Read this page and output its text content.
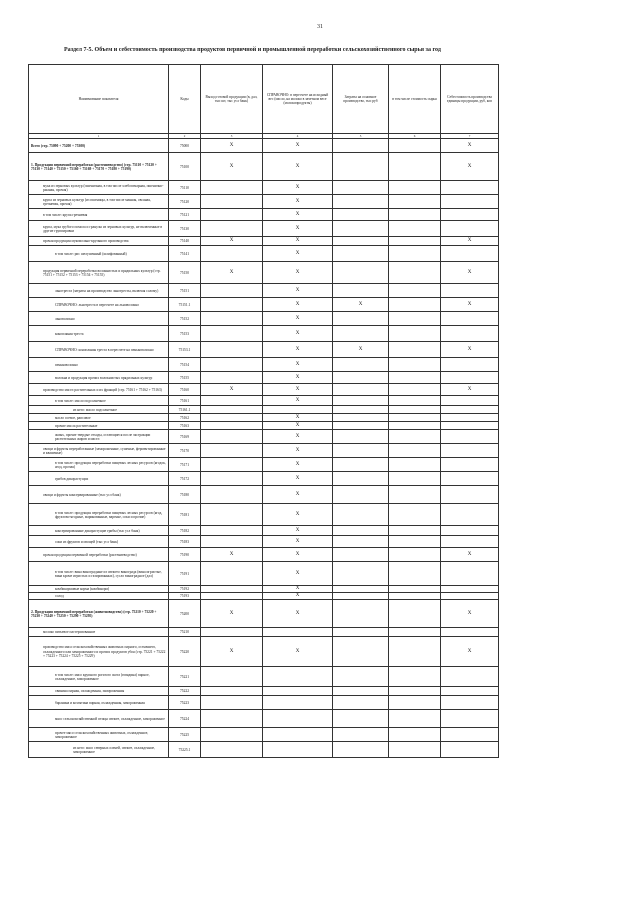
31
Раздел 7-5. Объем и себестоимость производства продуктов первичной и промышленной переработки сельскохозяйственного сырья за год
Наименование показателя	Коды	Выход готовой продукции (в, дал, тыс шт, тыс усл банк)	СПРАВОЧНО: в пересчете на исходный вес (масло, на молоко в зачетном весе (молокопродукты)	Затраты на основное производство, тыс руб	в том числе стоимость сырья	Себестоимость производства единицы продукции, руб, коп
1	2	3	4	5	6	7
Всего (стр. 75090 + 75200 + 75300)	75000	X	X			X
1. Продукция первичной переработки (растениеводство) (стр. 75110 + 75120 + 75130 + 75140 + 75150 + 75160 + 75169 + 75170 + 75180 + 75190)	75100	X	X			X
мука из зерновых культур (пшеничная, в том числе хлебопекарная, пшенично-ржаная, прочая)	75110		X			
крупа из зерновых культур (из пшеницы, в том числе манная, овсяная, гречневая, прочая)	75120		X			
в том числе: крупа гречневая	75121		X			
крупа, мука грубого помола и гранулы из зерновых культур, не включенные в другие группировки	75130		X			
прочая продукция мукомольно-крупяного производства	75140	X	X			X
в том числе: рис шелушенный (шлифованный)	75141		X			
продукция первичной переработки волокнистых и прядильных культур (стр. 75151 + 75152 + 75153 + 75154 + 75155)	75150	X	X			X
льнотреста (затраты на производство льнотресты, включая солому)	75151		X			
СПРАВОЧНО: льнотреста в пересчете на льноволокно	75151.1		X	X		X
льноволокно	75152		X			
конопляная треста	75153		X			
СПРАВОЧНО: конопляная треста в пересчете на пеньковолокно	75153.1		X	X		X
пеньковолокно	75154		X			
волокна и продукция прочих волокнистых прядильных культур	75155		X			
производство масел растительных и их фракций (стр. 75161 + 75162 + 75163)	75160	X	X			X
в том числе: масло подсолнечное	75161		X			
из него: масло подсолнечное	75161.1					
масло соевое, рапсовое	75162		X			
прочие масла растительные	75163		X			
жмых, прочие твердые отходы, остающиеся после экстракции растительных жиров и масел	75169		X			
овощи и фрукты переработанные (замороженные, сушеные, ферментированные и квашеные)	75170		X			
в том числе: продукция переработки пищевых лесных ресурсов (ягодок, ягод, прочая)	75171		X			
грибов дикорастущих	75172		X			
овощи и фрукты консервированные (тыс усл банк)	75180		X			
в том числе: продукция переработки пищевых лесных ресурсов (ягод, фруктово-ягодные, маринованные, варенье, соки и прочие)	75181		X			
консервированные дикорастущие грибы (тыс усл банк)	75182		X			
соки из фруктов и овощей (тыс усл банк)	75183		X			
прочая продукция первичной переработки (растениеводство)	75190	X	X			X
в том числе: вина виноградные из свежего винограда (вина игристые, вина кроме игристых и газированных), сусло виноградное (дал)	75191		X			
комбикормовые корма (комбикорм)	75192		X			
солод	75193		X			
2. Продукция первичной переработки (животноводство) (стр. 75210 + 75220 + 75230 + 75240 + 75250 + 75290 + 75295)	75200	X	X			X
молоко питьевое пастеризованное	75210					
производство мяса сельскохозяйственных животных парного, остывшего, охлажденного или замороженного и прочих продуктов убоя (стр. 75221 + 75222 + 75223 + 75224 + 75225 + 75229)	75220	X	X			X
в том числе: мясо крупного рогатого скота (говядина) парное, охлажденное, замороженное	75221					
свинина парная, охлажденная, замороженная	75222					
баранина и козлятина парная, охлажденная, замороженная	75223					
мясо сельскохозяйственной птицы свежее, охлажденное, замороженное	75224					
прочее мясо сельскохозяйственных животных, охлажденное, замороженное	75225					
из него: мясо северных оленей, свежее, охлажденное, замороженное	75225.1					
